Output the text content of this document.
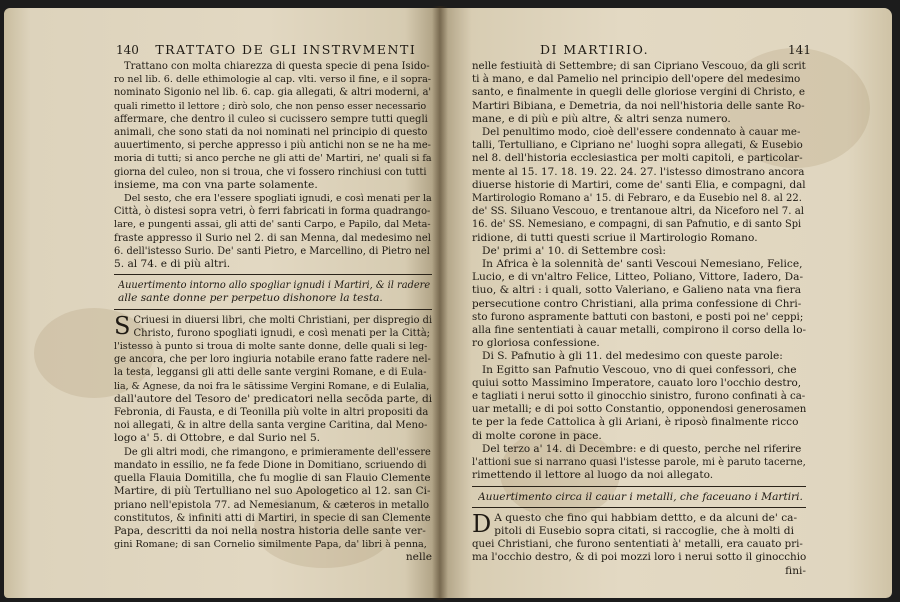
140 TRATTATO DE GLI INSTRVMENTI
Trattano con molta chiarezza di questa specie di pena Isido-
ro nel lib. 6. delle ethimologie al cap. vlti. verso il fine, e il sopra-
nominato Sigonio nel lib. 6. cap. gia allegati, & altri moderni, a'
quali rimetto il lettore ; dirò solo, che non penso esser necessario
affermare, che dentro il culeo si cucissero sempre tutti quegli
animali, che sono stati da noi nominati nel principio di questo
auuertimento, si perche appresso i più antichi non se ne ha me-
moria di tutti; si anco perche ne gli atti de' Martiri, ne' quali si fa
giorna del culeo, non si troua, che vi fossero rinchiusi con tutti
insieme, ma con vna parte solamente.
Del sesto, che era l'essere spogliati ignudi, e così menati per la
Città, ò distesi sopra vetri, ò ferri fabricati in forma quadrango-
lare, e pungenti assai, gli atti de' santi Carpo, e Papilo, dal Meta-
fraste appresso il Surio nel 2. di san Menna, dal medesimo nel
6. dell'istesso Surio. De' santi Pietro, e Marcellino, di Pietro nel
5. al 74. e di più altri.
Auuertimento intorno allo spogliar ignudi i Martiri, & il radere
alle sante donne per perpetuo dishonore la testa.
S Criuesi in diuersi libri, che molti Christiani, per dispregio di
Christo, furono spogliati ignudi, e così menati per la Città;
l'istesso à punto si troua di molte sante donne, delle quali si leg-
ge ancora, che per loro ingiuria notabile erano fatte radere nel-
la testa, leggansi gli atti delle sante vergini Romane, e di Eula-
lia, & Agnese, da noi fra le sātissime Vergini Romane, e di Eulalia,
dall'autore del Tesoro de' predicatori nella secōda parte, di
Febronia, di Fausta, e di Teonilla più volte in altri propositi da
noi allegati, & in altre della santa vergine Caritina, dal Meno-
logo a' 5. di Ottobre, e dal Surio nel 5.
De gli altri modi, che rimangono, e primieramente dell'essere
mandato in essilio, ne fa fede Dione in Domitiano, scriuendo di
quella Flauia Domitilla, che fu moglie di san Flauio Clemente
Martire, di più Tertulliano nel suo Apologetico al 12. san Ci-
priano nell'epistola 77. ad Nemesianum, & cæteros in metallo
constitutos, & infiniti atti di Martiri, in specie di san Clemente
Papa, descritti da noi nella nostra historia delle sante ver-
gini Romane; di san Cornelio similmente Papa, da' libri à penna,
nelle
DI MARTIRIO.	141
nelle festiuità di Settembre; di san Cipriano Vescouo, da gli scrit
ti à mano, e dal Pamelio nel principio dell'opere del medesimo
santo, e finalmente in quegli delle gloriose vergini di Christo, e
Martiri Bibiana, e Demetria, da noi nell'historia delle sante Ro-
mane, e di più e più altre, & altri senza numero.
Del penultimo modo, cioè dell'essere condennato à cauar me-
talli, Tertulliano, e Cipriano ne' luoghi sopra allegati, & Eusebio
nel 8. dell'historia ecclesiastica per molti capitoli, e particolar-
mente al 15. 17. 18. 19. 22. 24. 27. l'istesso dimostrano ancora
diuerse historie di Martiri, come de' santi Elia, e compagni, dal
Martirologio Romano a' 15. di Febraro, e da Eusebio nel 8. al 22.
de' SS. Siluano Vescouo, e trentanoue altri, da Niceforo nel 7. al
16. de' SS. Nemesiano, e compagni, di san Pafnutio, e di santo Spi
ridione, di tutti questi scriue il Martirologio Romano.
De' primi a' 10. di Settembre così:
In Africa è la solennità de' santi Vescoui Nemesiano, Felice,
Lucio, e di vn'altro Felice, Litteo, Poliano, Vittore, Iadero, Da-
tiuo, & altri : i quali, sotto Valeriano, e Galieno nata vna fiera
persecutione contro Christiani, alla prima confessione di Chri-
sto furono aspramente battuti con bastoni, e posti poi ne' ceppi;
alla fine sententiati à cauar metalli, compirono il corso della lo-
ro gloriosa confessione.
Di S. Pafnutio à gli 11. del medesimo con queste parole:
In Egitto san Pafnutio Vescouo, vno di quei confessori, che
quiui sotto Massimino Imperatore, cauato loro l'occhio destro,
e tagliati i nerui sotto il ginocchio sinistro, furono confinati à ca-
uar metalli; e di poi sotto Constantio, opponendosi generosamen
te per la fede Cattolica à gli Ariani, è riposò finalmente ricco
di molte corone in pace.
Del terzo a' 14. di Decembre: e di questo, perche nel riferire
l'attioni sue si narrano quasi l'istesse parole, mi è paruto tacerne,
rimettendo il lettore al luogo da noi allegato.
Auuertimento circa il cauar i metalli, che faceuano i Martiri.
D A questo che fino qui habbiam dettto, e da alcuni de' ca-
pitoli di Eusebio sopra citati, si raccoglie, che à molti di
quei Christiani, che furono sententiati à' metalli, era cauato pri-
ma l'occhio destro, & di poi mozzi loro i nerui sotto il ginocchio
fini-
